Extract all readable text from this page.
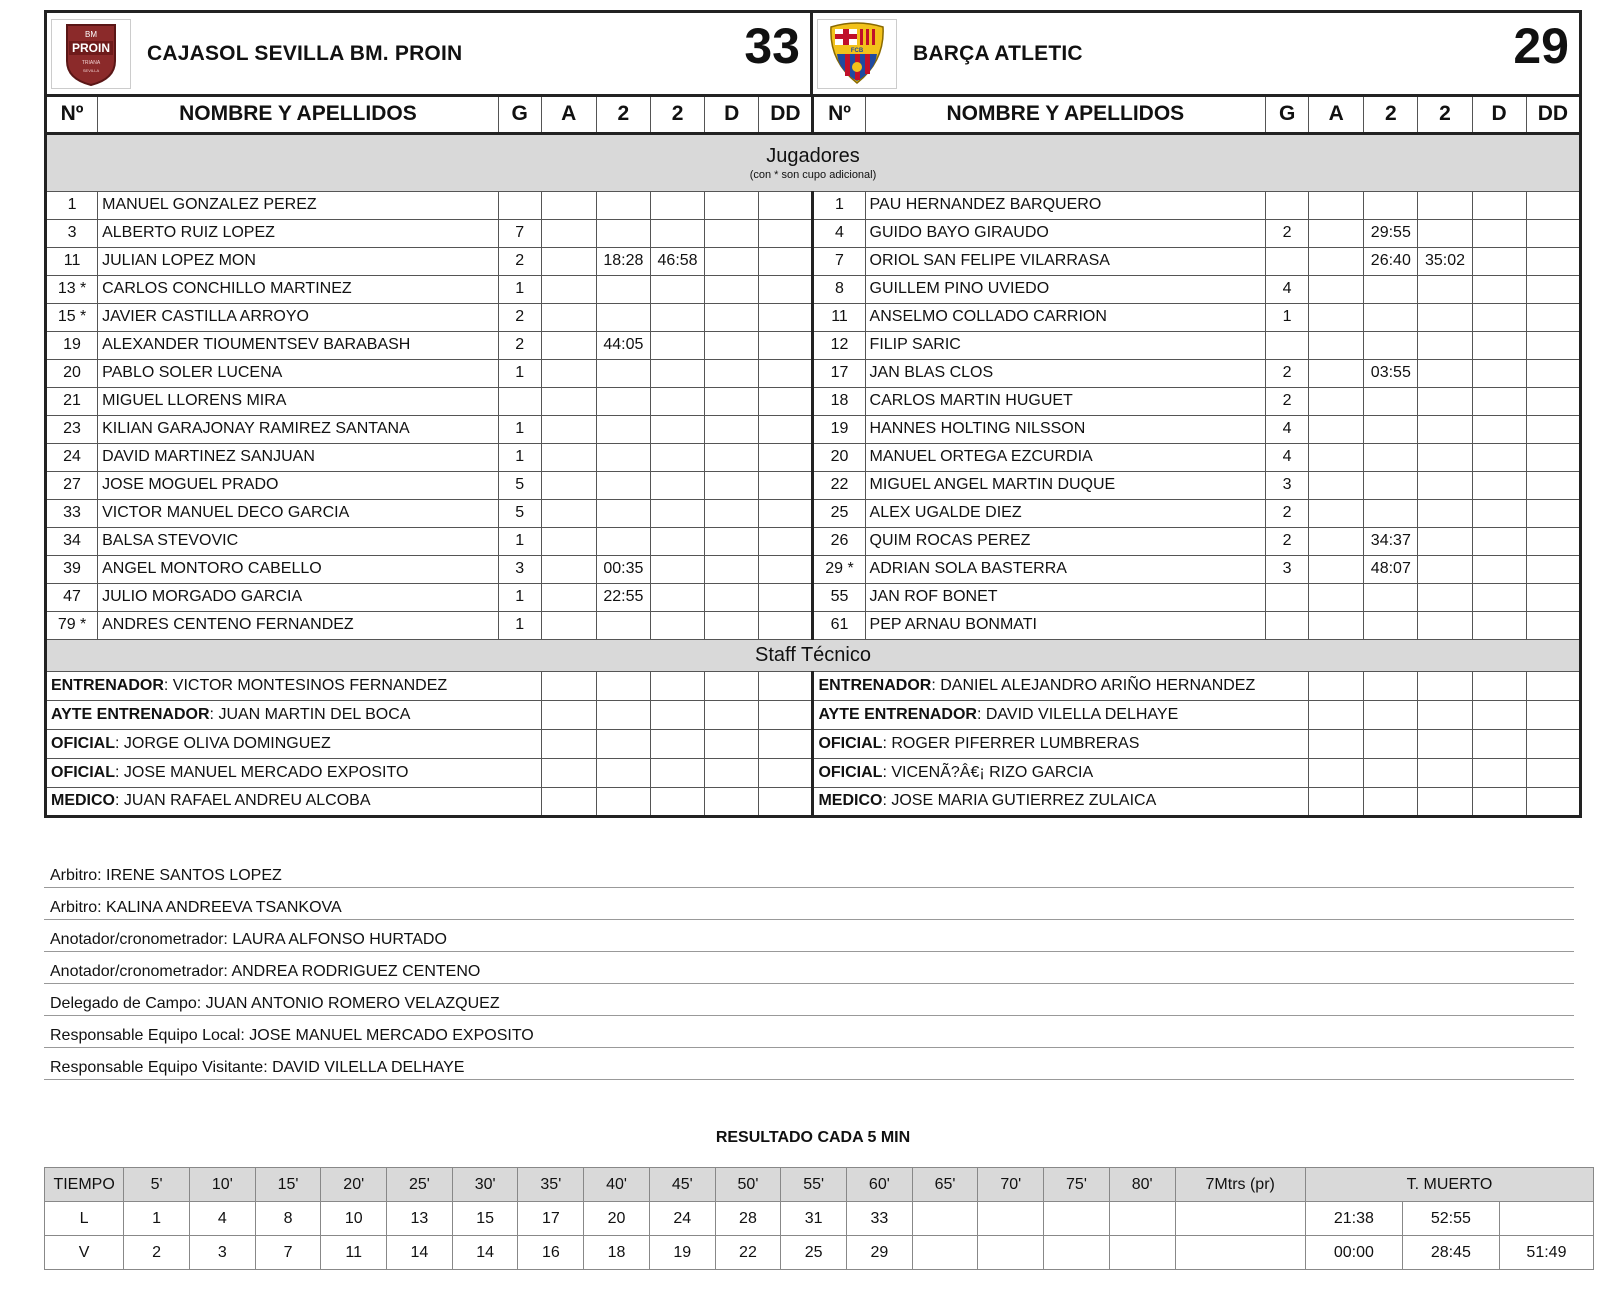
BM
PROIN
TRIANA
SEVILLA
CAJASOL SEVILLA BM. PROIN	33	FCB BARÇA ATLETIC	29
Nº	NOMBRE Y APELLIDOS	G	A	2	2	D	DD	Nº	NOMBRE Y APELLIDOS	G	A	2	2	D	DD
Jugadores
(con * son cupo adicional)															

1	MANUEL GONZALEZ PEREZ							1	PAU HERNANDEZ BARQUERO						
3	ALBERTO RUIZ LOPEZ	7						4	GUIDO BAYO GIRAUDO	2		29:55			
11	JULIAN LOPEZ MON	2		18:28	46:58			7	ORIOL SAN FELIPE VILARRASA			26:40	35:02		
13 *	CARLOS CONCHILLO MARTINEZ	1						8	GUILLEM PINO UVIEDO	4					
15 *	JAVIER CASTILLA ARROYO	2						11	ANSELMO COLLADO CARRION	1					
19	ALEXANDER TIOUMENTSEV BARABASH	2		44:05				12	FILIP SARIC						
20	PABLO SOLER LUCENA	1						17	JAN BLAS CLOS	2		03:55			
21	MIGUEL LLORENS MIRA							18	CARLOS MARTIN HUGUET	2					
23	KILIAN GARAJONAY RAMIREZ SANTANA	1						19	HANNES HOLTING NILSSON	4					
24	DAVID MARTINEZ SANJUAN	1						20	MANUEL ORTEGA EZCURDIA	4					
27	JOSE MOGUEL PRADO	5						22	MIGUEL ANGEL MARTIN DUQUE	3					
33	VICTOR MANUEL DECO GARCIA	5						25	ALEX UGALDE DIEZ	2					
34	BALSA STEVOVIC	1						26	QUIM ROCAS PEREZ	2		34:37			
39	ANGEL MONTORO CABELLO	3		00:35				29 *	ADRIAN SOLA BASTERRA	3		48:07			
47	JULIO MORGADO GARCIA	1		22:55				55	JAN ROF BONET						
79 *	ANDRES CENTENO FERNANDEZ	1						61	PEP ARNAU BONMATI						
Staff Técnico															
ENTRENADOR: VICTOR MONTESINOS FERNANDEZ								ENTRENADOR: DANIEL ALEJANDRO ARIÑO HERNANDEZ							
AYTE ENTRENADOR: JUAN MARTIN DEL BOCA								AYTE ENTRENADOR: DAVID VILELLA DELHAYE							
OFICIAL: JORGE OLIVA DOMINGUEZ								OFICIAL: ROGER PIFERRER LUMBRERAS							
OFICIAL: JOSE MANUEL MERCADO EXPOSITO								OFICIAL: VICENÃ?Â€¡ RIZO GARCIA							
MEDICO: JUAN RAFAEL ANDREU ALCOBA								MEDICO: JOSE MARIA GUTIERREZ ZULAICA							
Arbitro: IRENE SANTOS LOPEZ
Arbitro: KALINA ANDREEVA TSANKOVA
Anotador/cronometrador: LAURA ALFONSO HURTADO
Anotador/cronometrador: ANDREA RODRIGUEZ CENTENO
Delegado de Campo: JUAN ANTONIO ROMERO VELAZQUEZ
Responsable Equipo Local: JOSE MANUEL MERCADO EXPOSITO
Responsable Equipo Visitante: DAVID VILELLA DELHAYE
RESULTADO CADA 5 MIN
TIEMPO	5'	10'	15'	20'	25'	30'	35'	40'	45'	50'	55'	60'	65'	70'	75'	80'	7Mtrs (pr)	T. MUERTO		
L	1	4	8	10	13	15	17	20	24	28	31	33						21:38	52:55	
V	2	3	7	11	14	14	16	18	19	22	25	29						00:00	28:45	51:49
